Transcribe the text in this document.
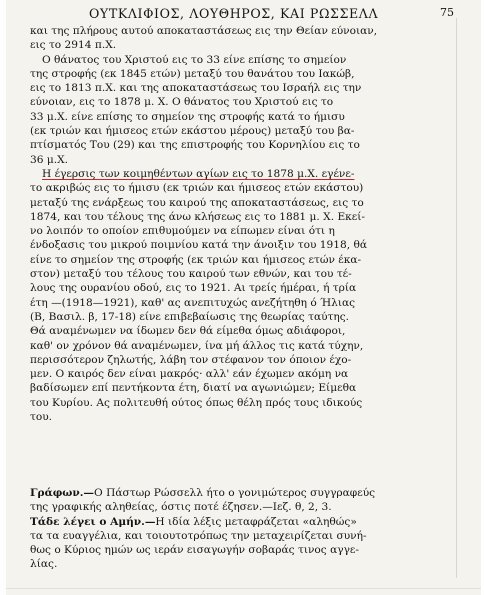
ΟΥΤΚΛΙΦΙΟΣ, ΛΟΥΘΗΡΟΣ, ΚΑΙ ΡΩΣΣΕΛΛ	75
και της πλήρους αυτού αποκαταστάσεως εις την Θείαν εύνοιαν,
εις το 2914 π.Χ.
Ο θάνατος του Χριστού εις το 33 είνε επίσης το σημείον
της στροφής (εκ 1845 ετών) μεταξύ του θανάτου του Ιακώβ,
εις το 1813 π.Χ. και της αποκαταστάσεως του Ισραήλ εις την
εύνοιαν, εις το 1878 μ. Χ. Ο θάνατος του Χριστού εις το
33 μ.Χ. είνε επίσης το σημείον της στροφής κατά το ήμισυ
(εκ τριών και ήμισεος ετών εκάστου μέρους) μεταξύ του βα-
πτίσματός Του (29) και της επιστροφής του Κορνηλίου εις το
36 μ.Χ.
Η έγερσις των κοιμηθέντων αγίων εις το 1878 μ.Χ. εγένε-
το ακριβώς εις το ήμισυ (εκ τριών και ήμισεος ετών εκάστου)
μεταξύ της ενάρξεως του καιρού της αποκαταστάσεως, εις το
1874, και του τέλους της άνω κλήσεως εις το 1881 μ. Χ. Εκεί-
νο λοιπόν το οποίον επιθυμούμεν να είπωμεν είναι ότι η
ένδοξασις του μικρού ποιμνίου κατά την άνοιξιν του 1918, θά
είνε το σημείον της στροφής (εκ τριών και ήμισεος ετών έκα-
στον) μεταξύ του τέλους του καιρού των εθνών, και του τέ-
λους της ουρανίου οδού, εις το 1921. Αι τρείς ήμέραι, ή τρία
έτη —(1918—1921), καθ' ας ανεπιτυχώς ανεζήτηθη ό Ήλιας
(Β, Βασιλ. β, 17-18) είνε επιβεβαίωσις της θεωρίας ταύτης.
Θά αναμένωμεν να ίδωμεν δεν θά είμεθα όμως αδιάφοροι,
καθ' ον χρόνον θά αναμένωμεν, ίνα μή άλλος τις κατά τύχην,
περισσότερον ζηλωτής, λάβη τον στέφανον τον όποιον έχο-
μεν. Ο καιρός δεν είναι μακρός· αλλ' εάν έχωμεν ακόμη να
βαδίσωμεν επί πεντήκοντα έτη, διατί να αγωνιώμεν; Είμεθα
του Κυρίου. Ας πολιτευθή ούτος όπως θέλη πρός τους ιδικούς
του.
Γράφων.—Ο Πάστωρ Ρώσσελλ ήτο ο γονιμώτερος συγγραφεύς
της γραφικής αληθείας, όστις ποτέ έζησεν.—Ιεζ. θ, 2, 3.
Τάδε λέγει ο Αμήν.—Η ιδία λέξις μεταφράζεται «αληθώς»
τα τα ευαγγέλια, και τοιουτοτρόπως την μεταχειρίζεται συνή-
θως ο Κύριος ημών ως ιεράν εισαγωγήν σοβαράς τινος αγγε-
λίας.
